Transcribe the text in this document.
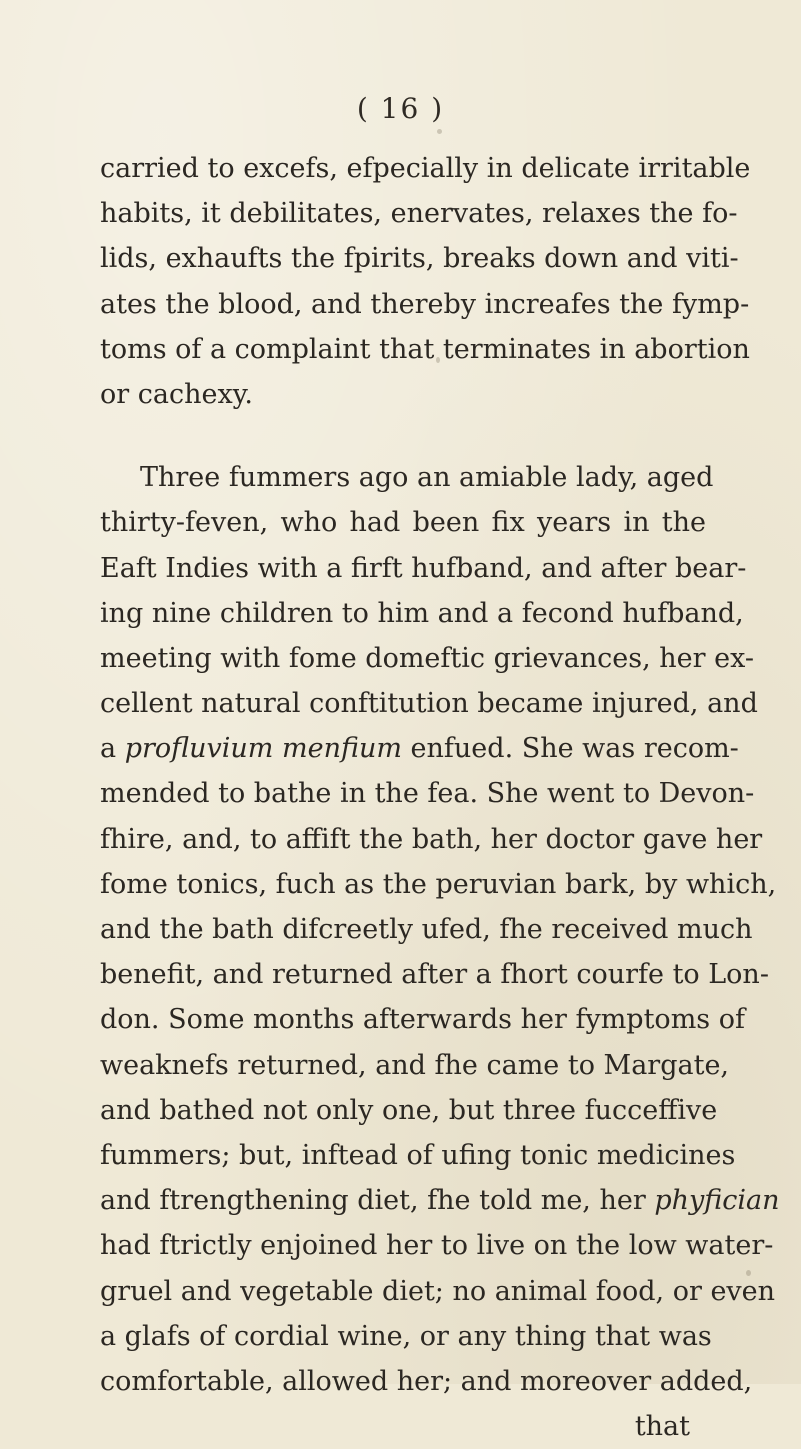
( 16 )
carried to excefs, efpecially in delicate irritable
habits, it debilitates, enervates, relaxes the fo-
lids, exhaufts the fpirits, breaks down and viti-
ates the blood, and thereby increafes the fymp-
toms of a complaint that terminates in abortion
or cachexy.
Three fummers ago an amiable lady, aged
thirty-feven, who had been fix years in the
Eaft Indies with a firft hufband, and after bear-
ing nine children to him and a fecond hufband,
meeting with fome domeftic grievances, her ex-
cellent natural conftitution became injured, and
a profluvium menfium enfued. She was recom-
mended to bathe in the fea. She went to Devon-
fhire, and, to affift the bath, her doctor gave her
fome tonics, fuch as the peruvian bark, by which,
and the bath difcreetly ufed, fhe received much
benefit, and returned after a fhort courfe to Lon-
don. Some months afterwards her fymptoms of
weaknefs returned, and fhe came to Margate,
and bathed not only one, but three fucceffive
fummers; but, inftead of ufing tonic medicines
and ftrengthening diet, fhe told me, her phyfician
had ftrictly enjoined her to live on the low water-
gruel and vegetable diet; no animal food, or even
a glafs of cordial wine, or any thing that was
comfortable, allowed her; and moreover added,
that
